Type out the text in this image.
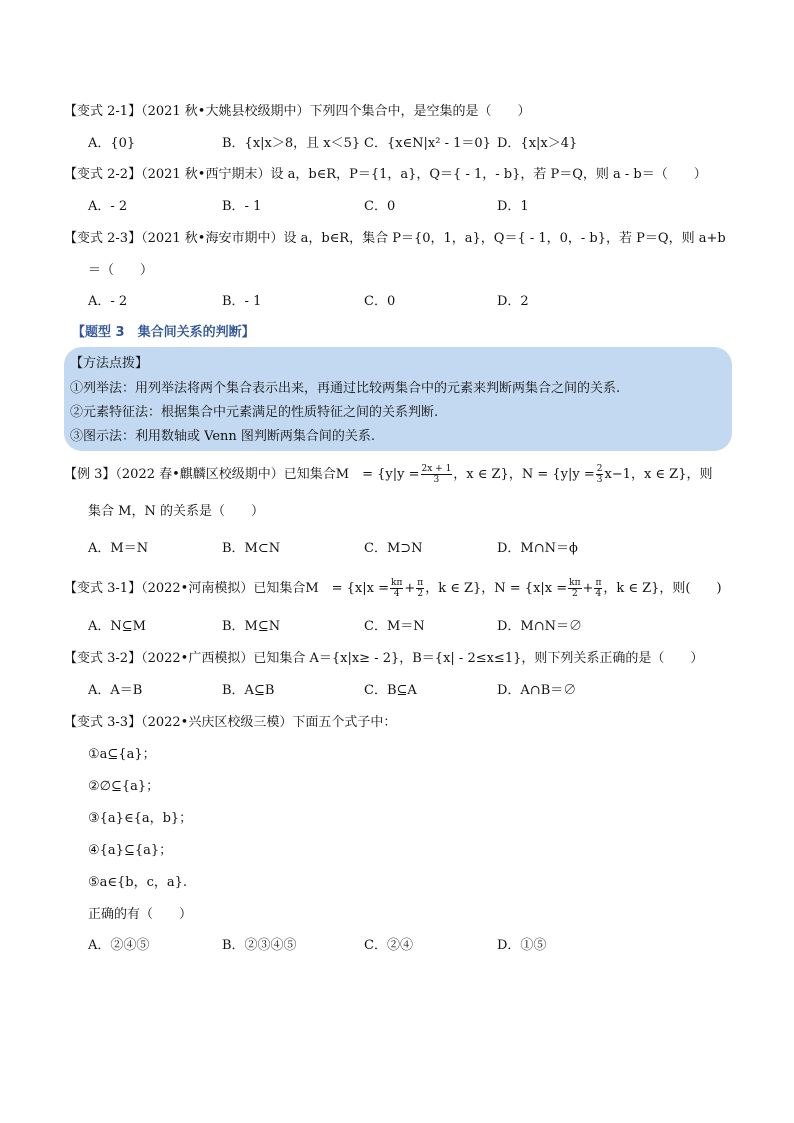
【变式 2-1】（2021 秋•大姚县校级期中）下列四个集合中，是空集的是（　　）
A．{0}	B．{x|x＞8，且 x＜5} C．{x∈N|x² - 1＝0} D．{x|x＞4}
【变式 2-2】（2021 秋•西宁期末）设 a，b∈R，P＝{1，a}，Q＝{ - 1，- b}，若 P＝Q，则 a - b＝（　　）
A．- 2	B．- 1	C．0	D．1
【变式 2-3】（2021 秋•海安市期中）设 a，b∈R，集合 P＝{0，1，a}，Q＝{ - 1，0，- b}，若 P＝Q，则 a+b
＝（　　）
A．- 2	B．- 1	C．0	D．2
【题型 3　集合间关系的判断】
【方法点拨】
①列举法：用列举法将两个集合表示出来，再通过比较两集合中的元素来判断两集合之间的关系.
②元素特征法：根据集合中元素满足的性质特征之间的关系判断.
③图示法：利用数轴或 Venn 图判断两集合间的关系.
【例 3】（2022 春•麒麟区校级期中）已知集合M　= {$y|y = \frac{2x + 1}{3}$ ，x ∈ Z}，$N = \{y|y = \frac{2}{3} x-1$，x ∈ Z}，则
集合 M，N 的关系是（　　）
A．M＝N	B．M⊂N	C．M⊃N	D．M∩N＝ϕ
【变式 3-1】（2022•河南模拟）已知集合M　= {$x|x = \frac{k\pi}{4} + \frac{\pi}{2}$ ，k ∈ Z}，$N = \{x|x = \frac{k\pi}{2} + \frac{\pi}{4}$ ，k ∈ Z}，则(　　)
A．N⊆M	B．M⊆N	C．M＝N	D．M∩N＝∅
【变式 3-2】（2022•广西模拟）已知集合 A＝{x|x≥ - 2}，B＝{x| - 2≤x≤1}，则下列关系正确的是（　　）
A．A＝B	B．A⊆B	C．B⊆A	D．A∩B＝∅
【变式 3-3】（2022•兴庆区校级三模）下面五个式子中：
①a⊆{a}；
②∅⊆{a}；
③{a}∈{a，b}；
④{a}⊆{a}；
⑤a∈{b，c，a}.
正确的有（　　）
A．②④⑤	B．②③④⑤	C．②④	D．①⑤
